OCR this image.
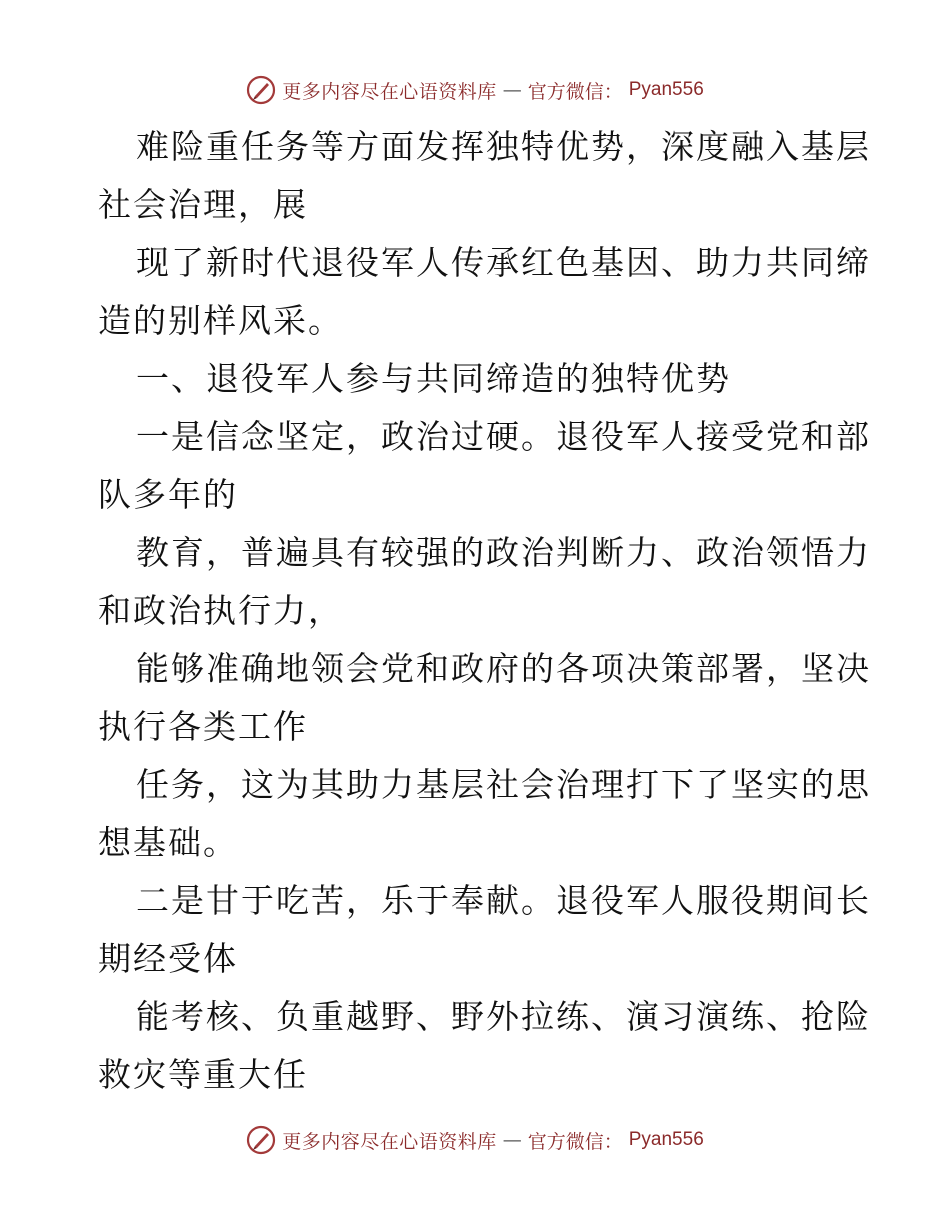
更多内容尽在心语资料库 — 官方微信： Pyan556
难险重任务等方面发挥独特优势，深度融入基层
社会治理，展
现了新时代退役军人传承红色基因、助力共同缔
造的别样风采。
一、退役军人参与共同缔造的独特优势
一是信念坚定，政治过硬。退役军人接受党和部
队多年的
教育，普遍具有较强的政治判断力、政治领悟力
和政治执行力，
能够准确地领会党和政府的各项决策部署，坚决
执行各类工作
任务，这为其助力基层社会治理打下了坚实的思
想基础。
二是甘于吃苦，乐于奉献。退役军人服役期间长
期经受体
能考核、负重越野、野外拉练、演习演练、抢险
救灾等重大任
更多内容尽在心语资料库 — 官方微信： Pyan556
